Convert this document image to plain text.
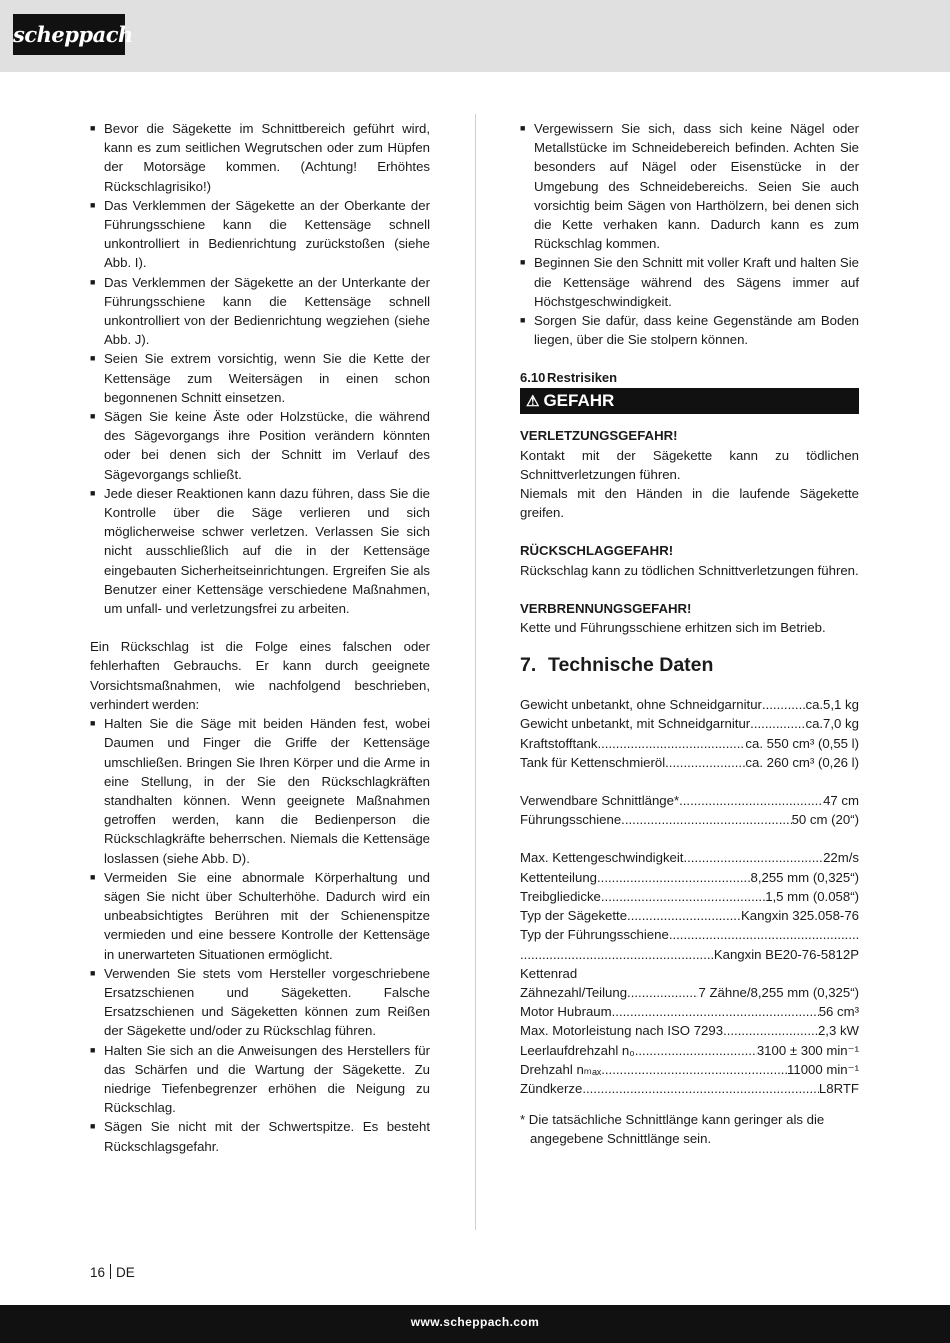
scheppach
■ Bevor die Sägekette im Schnittbereich geführt wird, kann es zum seitlichen Wegrutschen oder zum Hüpfen der Motorsäge kommen. (Achtung! Erhöhtes Rückschlagrisiko!)
■ Das Verklemmen der Sägekette an der Oberkante der Führungsschiene kann die Kettensäge schnell unkontrolliert in Bedienrichtung zurückstoßen (siehe Abb. I).
■ Das Verklemmen der Sägekette an der Unterkante der Führungsschiene kann die Kettensäge schnell unkontrolliert von der Bedienrichtung wegziehen (siehe Abb. J).
■ Seien Sie extrem vorsichtig, wenn Sie die Kette der Kettensäge zum Weitersägen in einen schon begonnenen Schnitt einsetzen.
■ Sägen Sie keine Äste oder Holzstücke, die während des Sägevorgangs ihre Position verändern könnten oder bei denen sich der Schnitt im Verlauf des Sägevorgangs schließt.
■ Jede dieser Reaktionen kann dazu führen, dass Sie die Kontrolle über die Säge verlieren und sich möglicherweise schwer verletzen. Verlassen Sie sich nicht ausschließlich auf die in der Kettensäge eingebauten Sicherheitseinrichtungen. Ergreifen Sie als Benutzer einer Kettensäge verschiedene Maßnahmen, um unfall- und verletzungsfrei zu arbeiten.

Ein Rückschlag ist die Folge eines falschen oder fehlerhaften Gebrauchs. Er kann durch geeignete Vorsichtsmaßnahmen, wie nachfolgend beschrieben, verhindert werden:

■ Halten Sie die Säge mit beiden Händen fest, wobei Daumen und Finger die Griffe der Kettensäge umschließen. Bringen Sie Ihren Körper und die Arme in eine Stellung, in der Sie den Rückschlagkräften standhalten können. Wenn geeignete Maßnahmen getroffen werden, kann die Bedienperson die Rückschlagkräfte beherrschen. Niemals die Kettensäge loslassen (siehe Abb. D).
■ Vermeiden Sie eine abnormale Körperhaltung und sägen Sie nicht über Schulterhöhe. Dadurch wird ein unbeabsichtigtes Berühren mit der Schienenspitze vermieden und eine bessere Kontrolle der Kettensäge in unerwarteten Situationen ermöglicht.
■ Verwenden Sie stets vom Hersteller vorgeschriebene Ersatzschienen und Sägeketten. Falsche Ersatzschienen und Sägeketten können zum Reißen der Sägekette und/oder zu Rückschlag führen.
■ Halten Sie sich an die Anweisungen des Herstellers für das Schärfen und die Wartung der Sägekette. Zu niedrige Tiefenbegrenzer erhöhen die Neigung zu Rückschlag.
■ Sägen Sie nicht mit der Schwertspitze. Es besteht Rückschlagsgefahr.
■ Vergewissern Sie sich, dass sich keine Nägel oder Metallstücke im Schneidebereich befinden. Achten Sie besonders auf Nägel oder Eisenstücke in der Umgebung des Schneidebereichs. Seien Sie auch vorsichtig beim Sägen von Harthölzern, bei denen sich die Kette verhaken kann. Dadurch kann es zum Rückschlag kommen.
■ Beginnen Sie den Schnitt mit voller Kraft und halten Sie die Kettensäge während des Sägens immer auf Höchstgeschwindigkeit.
■ Sorgen Sie dafür, dass keine Gegenstände am Boden liegen, über die Sie stolpern können.
6.10 Restrisiken
⚠ GEFAHR
VERLETZUNGSGEFAHR!

Kontakt mit der Sägekette kann zu tödlichen Schnittverletzungen führen.

Niemals mit den Händen in die laufende Sägekette greifen.

RÜCKSCHLAGGEFAHR!

Rückschlag kann zu tödlichen Schnittverletzungen führen.

VERBRENNUNGSGEFAHR!

Kette und Führungsschiene erhitzen sich im Betrieb.

7. Technische Daten
Gewicht unbetankt, ohne Schneidgarnitur .....	ca.5,1 kg
Gewicht unbetankt, mit Schneidgarnitur .....	ca.7,0 kg
Kraftstofftank .....	ca. 550 cm³ (0,55 l)
Tank für Kettenschmieröl .....	ca. 260 cm³ (0,26 l)
Verwendbare Schnittlänge* .....	47 cm
Führungsschiene .....	50 cm (20“)
Max. Kettengeschwindigkeit .....	22m/s
Kettenteilung .....	8,255 mm (0,325“)
Treibgliedicke .....	1,5 mm (0.058“)
Typ der Sägekette .....	Kangxin 325.058-76
Typ der Führungsschiene
.....
.....
Kangxin BE20-76-5812P
Kettenrad
Zähnezahl/Teilung .....	7 Zähne/8,255 mm (0,325“)
Motor Hubraum .....	56 cm³
Max. Motorleistung nach ISO 7293 .....	2,3 kW
Leerlaufdrehzahl n₀ .....	3100 ± 300 min⁻¹
Drehzahl nₘₐₓ .....	11000 min⁻¹
Zündkerze .....	L8RTF

* Die tatsächliche Schnittlänge kann geringer als die angegebene Schnittlänge sein.

16 DE
www.scheppach.com
